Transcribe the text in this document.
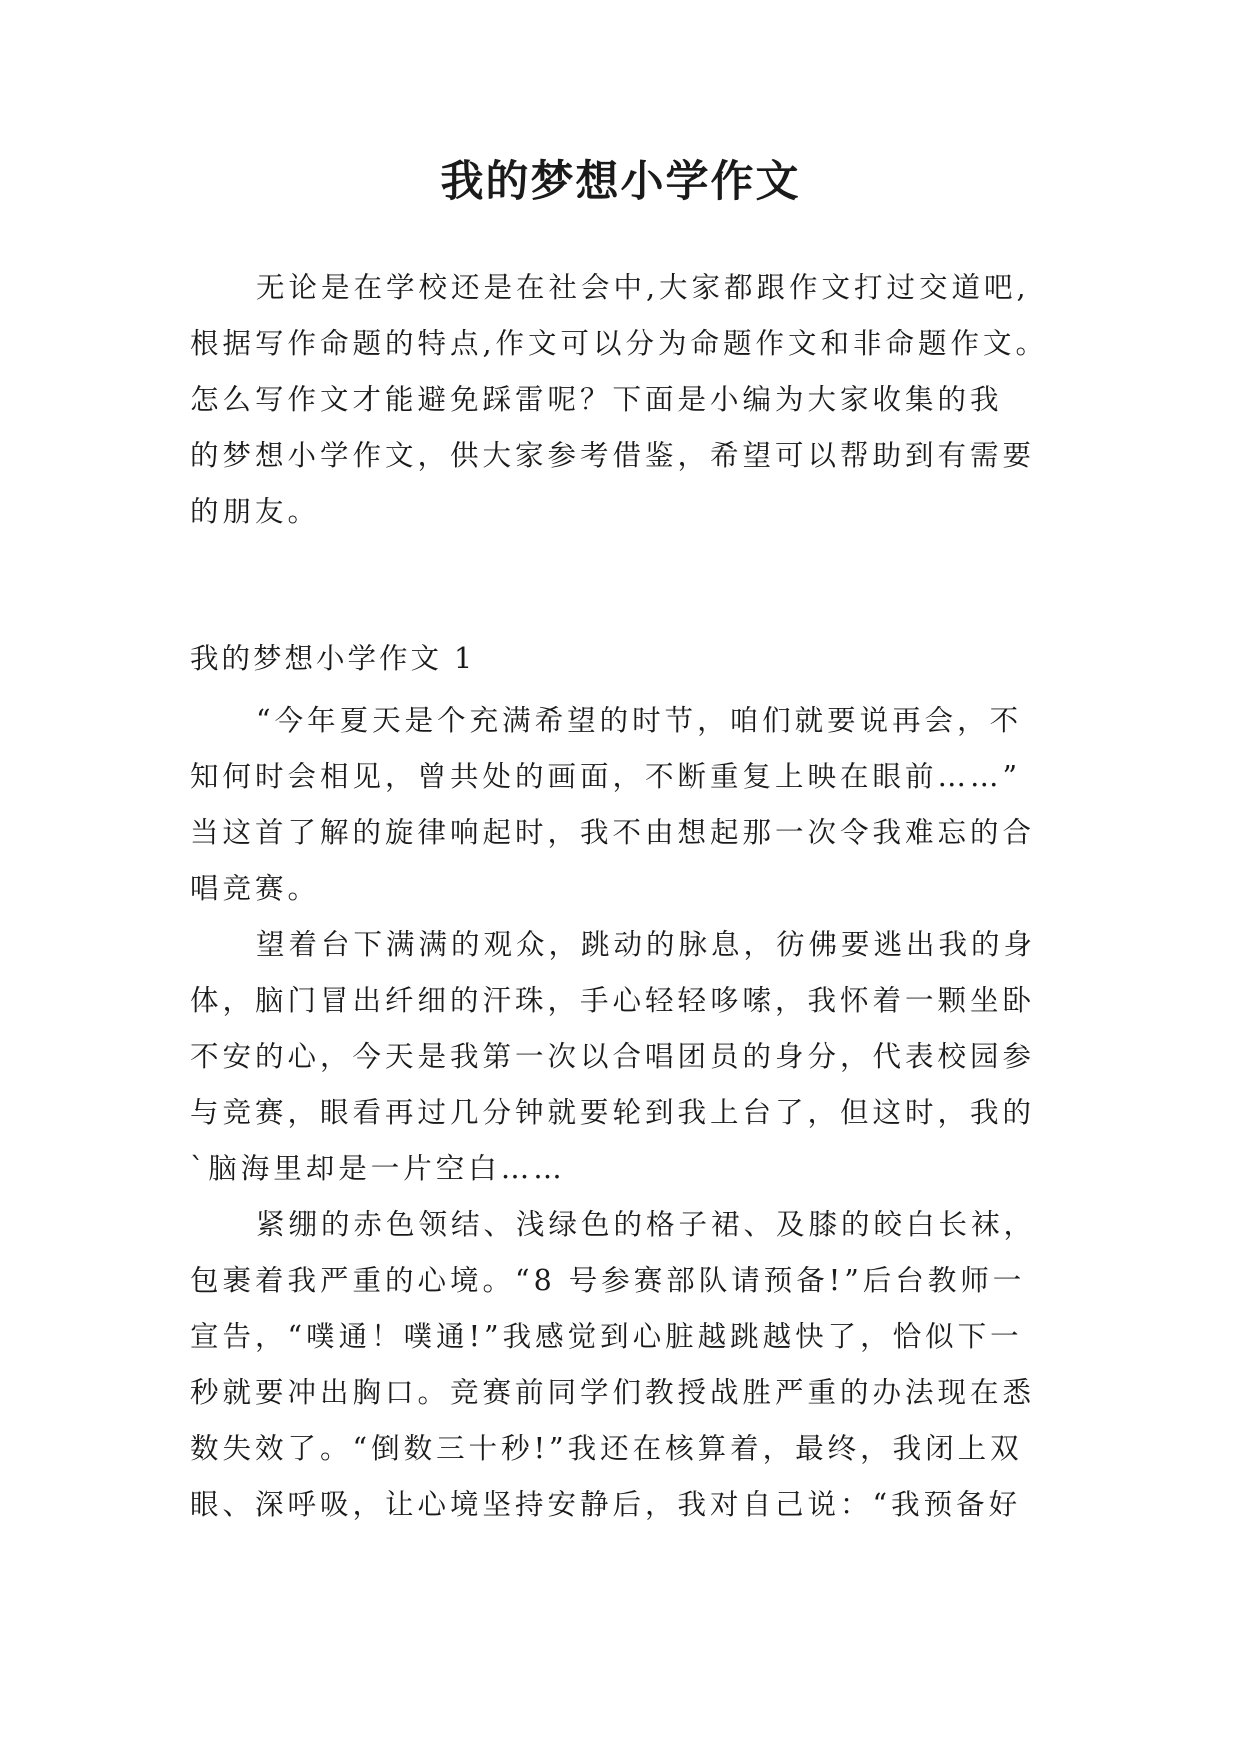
我的梦想小学作文
无论是在学校还是在社会中,大家都跟作文打过交道吧,
根据写作命题的特点,作文可以分为命题作文和非命题作文。
怎么写作文才能避免踩雷呢？下面是小编为大家收集的我
的梦想小学作文，供大家参考借鉴，希望可以帮助到有需要
的朋友。
我的梦想小学作文 1
“今年夏天是个充满希望的时节，咱们就要说再会，不
知何时会相见，曾共处的画面，不断重复上映在眼前……”
当这首了解的旋律响起时，我不由想起那一次令我难忘的合
唱竞赛。
望着台下满满的观众，跳动的脉息，彷佛要逃出我的身
体，脑门冒出纤细的汗珠，手心轻轻哆嗦，我怀着一颗坐卧
不安的心，今天是我第一次以合唱团员的身分，代表校园参
与竞赛，眼看再过几分钟就要轮到我上台了，但这时，我的
`脑海里却是一片空白……
紧绷的赤色领结、浅绿色的格子裙、及膝的皎白长袜，
包裹着我严重的心境。“8 号参赛部队请预备!”后台教师一
宣告，“噗通！噗通!”我感觉到心脏越跳越快了，恰似下一
秒就要冲出胸口。竞赛前同学们教授战胜严重的办法现在悉
数失效了。“倒数三十秒!”我还在核算着，最终，我闭上双
眼、深呼吸，让心境坚持安静后，我对自己说：“我预备好
